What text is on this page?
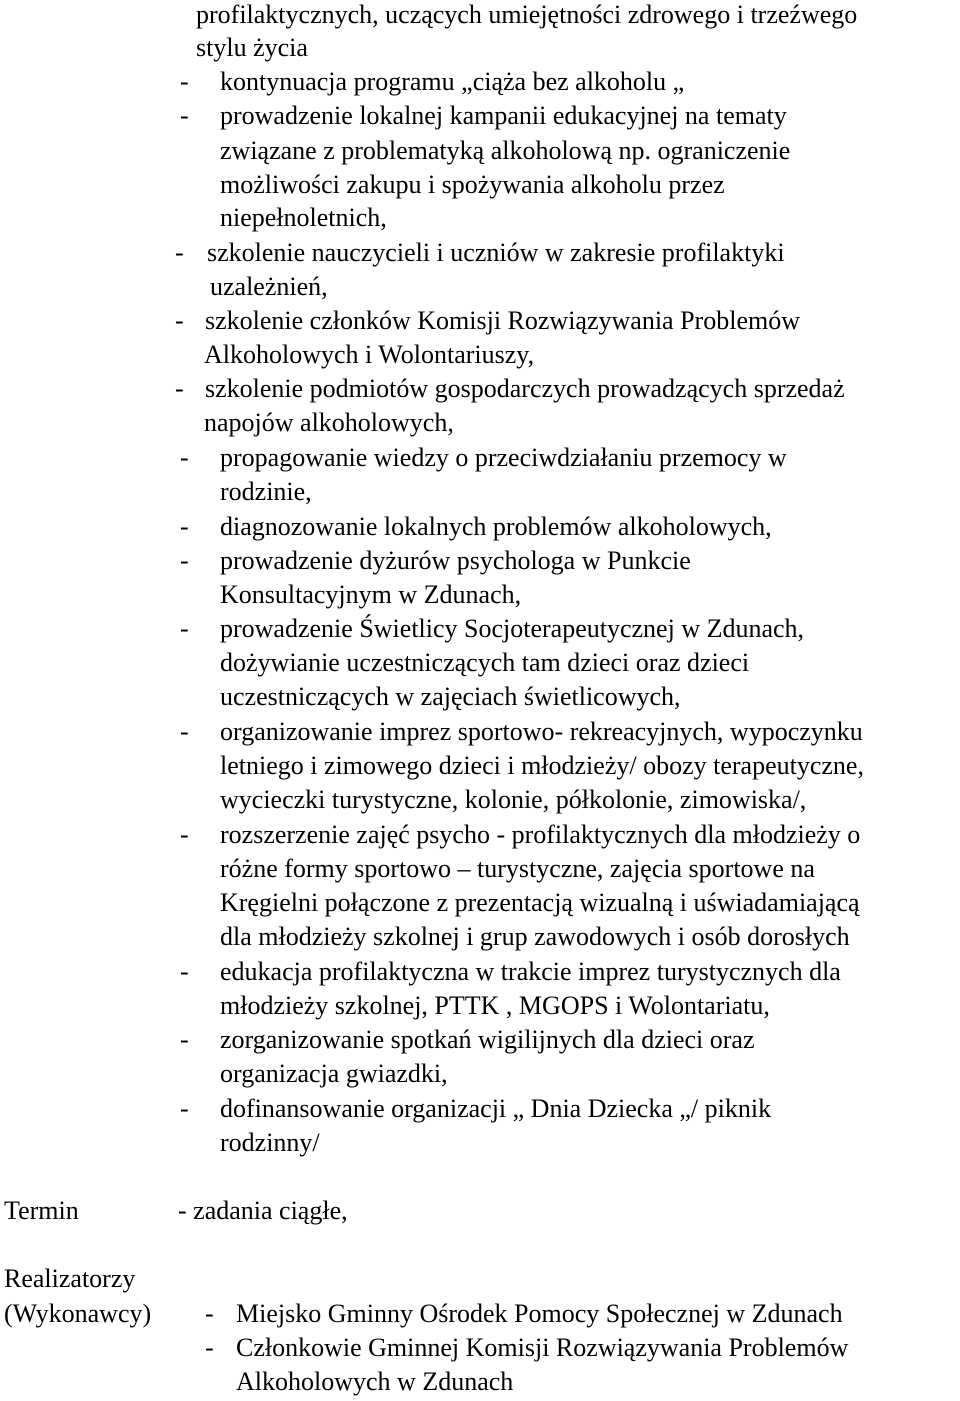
profilaktycznych, uczących umiejętności zdrowego i trzeźwego
stylu życia
- kontynuacja programu „ciąża bez alkoholu „
- prowadzenie lokalnej kampanii edukacyjnej na tematy
związane z problematyką alkoholową np. ograniczenie
możliwości zakupu i spożywania alkoholu przez
niepełnoletnich,
- szkolenie nauczycieli i uczniów w zakresie profilaktyki
uzależnień,
- szkolenie członków Komisji Rozwiązywania Problemów
Alkoholowych i Wolontariuszy,
- szkolenie podmiotów gospodarczych prowadzących sprzedaż
napojów alkoholowych,
- propagowanie wiedzy o przeciwdziałaniu przemocy w
rodzinie,
- diagnozowanie lokalnych problemów alkoholowych,
- prowadzenie dyżurów psychologa w Punkcie
Konsultacyjnym w Zdunach,
- prowadzenie Świetlicy Socjoterapeutycznej w Zdunach,
dożywianie uczestniczących tam dzieci oraz dzieci
uczestniczących w zajęciach świetlicowych,
- organizowanie imprez sportowo- rekreacyjnych, wypoczynku
letniego i zimowego dzieci i młodzieży/ obozy terapeutyczne,
wycieczki turystyczne, kolonie, półkolonie, zimowiska/,
- rozszerzenie zajęć psycho - profilaktycznych dla młodzieży o
różne formy sportowo – turystyczne, zajęcia sportowe na
Kręgielni połączone z prezentacją wizualną i uświadamiającą
dla młodzieży szkolnej i grup zawodowych i osób dorosłych
- edukacja profilaktyczna w trakcie imprez turystycznych dla
młodzieży szkolnej, PTTK , MGOPS i Wolontariatu,
- zorganizowanie spotkań wigilijnych dla dzieci oraz
organizacja gwiazdki,
- dofinansowanie organizacji „ Dnia Dziecka „/ piknik
rodzinny/
Termin	- zadania ciągłe,
Realizatorzy
(Wykonawcy) - Miejsko Gminny Ośrodek Pomocy Społecznej w Zdunach
- Członkowie Gminnej Komisji Rozwiązywania Problemów
Alkoholowych w Zdunach
